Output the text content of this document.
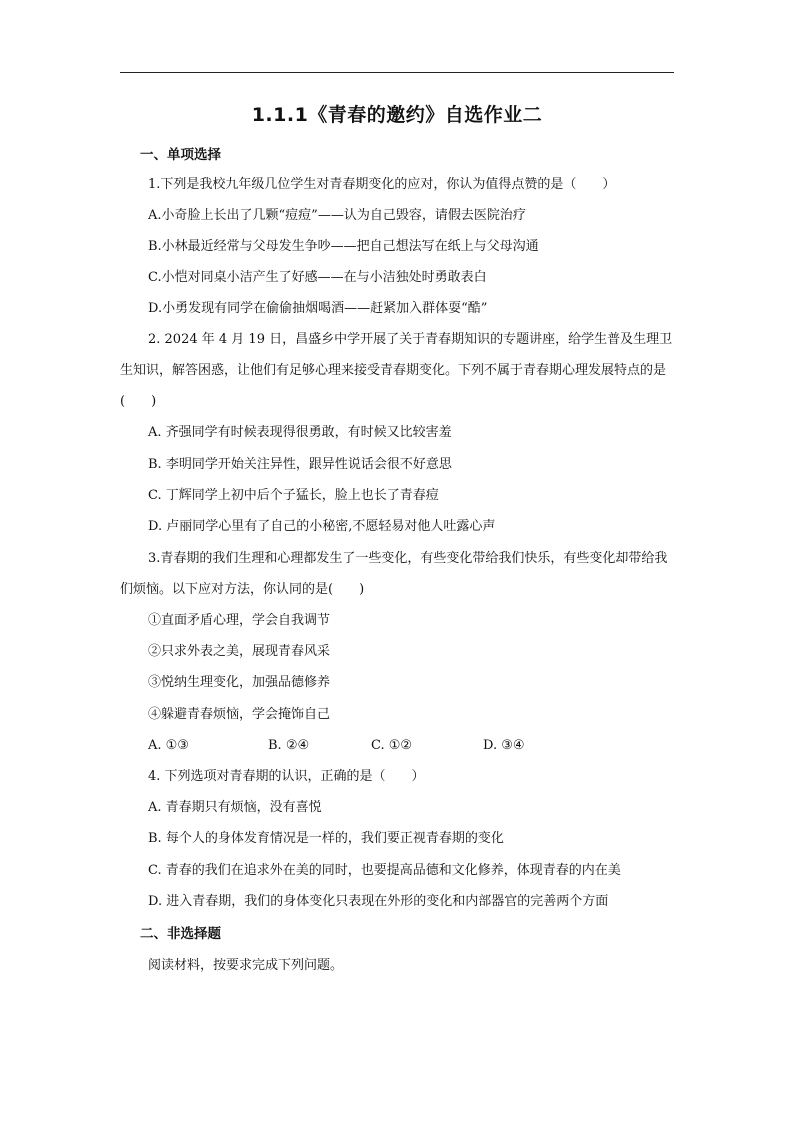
1.1.1《青春的邀约》自选作业二
一、单项选择
1.下列是我校九年级几位学生对青春期变化的应对，你认为值得点赞的是（　　）
A.小奇脸上长出了几颗“痘痘”——认为自己毁容，请假去医院治疗
B.小林最近经常与父母发生争吵——把自己想法写在纸上与父母沟通
C.小恺对同桌小洁产生了好感——在与小洁独处时勇敢表白
D.小勇发现有同学在偷偷抽烟喝酒——赶紧加入群体耍“酷”
2. 2024 年 4 月 19 日，昌盛乡中学开展了关于青春期知识的专题讲座，给学生普及生理卫生知识，解答困惑，让他们有足够心理来接受青春期变化。下列不属于青春期心理发展特点的是(　　)
A. 齐强同学有时候表现得很勇敢，有时候又比较害羞
B. 李明同学开始关注异性，跟异性说话会很不好意思
C. 丁辉同学上初中后个子猛长，脸上也长了青春痘
D. 卢丽同学心里有了自己的小秘密,不愿轻易对他人吐露心声
3.青春期的我们生理和心理都发生了一些变化，有些变化带给我们快乐，有些变化却带给我们烦恼。以下应对方法，你认同的是(　　)
①直面矛盾心理，学会自我调节
②只求外表之美，展现青春风采
③悦纳生理变化，加强品德修养
④躲避青春烦恼，学会掩饰自己
A. ①③	B. ②④	C. ①②	D. ③④
4. 下列选项对青春期的认识，正确的是（　　）
A. 青春期只有烦恼，没有喜悦
B. 每个人的身体发育情况是一样的，我们要正视青春期的变化
C. 青春的我们在追求外在美的同时，也要提高品德和文化修养，体现青春的内在美
D. 进入青春期，我们的身体变化只表现在外形的变化和内部器官的完善两个方面
二、非选择题
阅读材料，按要求完成下列问题。
